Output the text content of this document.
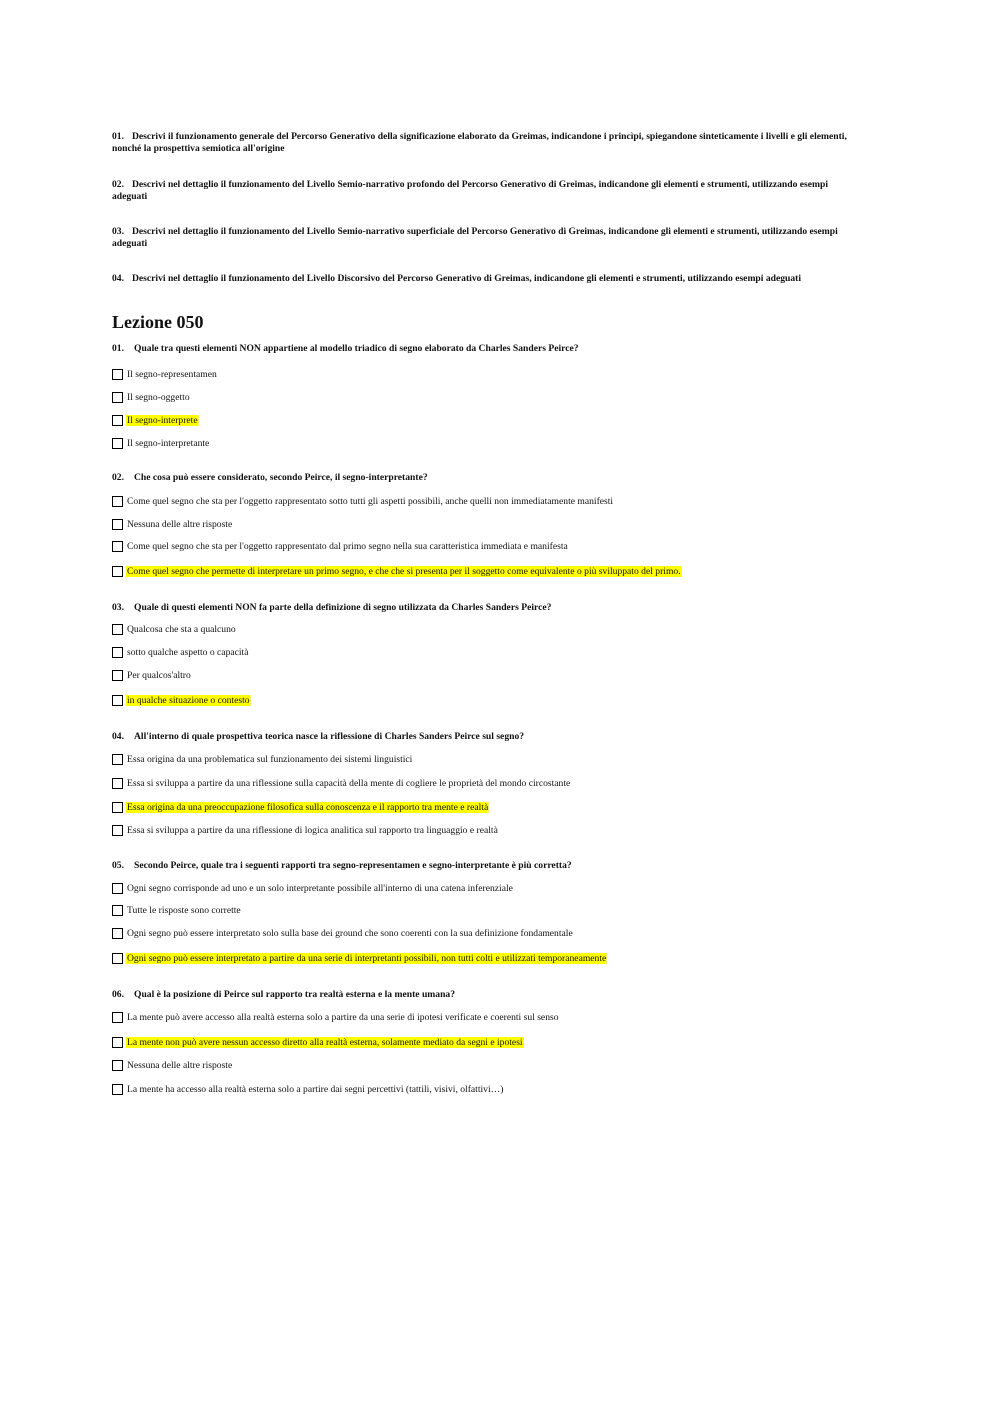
01. Descrivi il funzionamento generale del Percorso Generativo della significazione elaborato da Greimas, indicandone i princìpi, spiegandone sinteticamente i livelli e gli elementi, nonché la prospettiva semiotica all'origine
02. Descrivi nel dettaglio il funzionamento del Livello Semio-narrativo profondo del Percorso Generativo di Greimas, indicandone gli elementi e strumenti, utilizzando esempi adeguati
03. Descrivi nel dettaglio il funzionamento del Livello Semio-narrativo superficiale del Percorso Generativo di Greimas, indicandone gli elementi e strumenti, utilizzando esempi adeguati
04. Descrivi nel dettaglio il funzionamento del Livello Discorsivo del Percorso Generativo di Greimas, indicandone gli elementi e strumenti, utilizzando esempi adeguati
Lezione 050
01. Quale tra questi elementi NON appartiene al modello triadico di segno elaborato da Charles Sanders Peirce?
Il segno-representamen
Il segno-oggetto
Il segno-interprete
Il segno-interpretante
02. Che cosa può essere considerato, secondo Peirce, il segno-interpretante?
Come quel segno che sta per l'oggetto rappresentato sotto tutti gli aspetti possibili, anche quelli non immediatamente manifesti
Nessuna delle altre risposte
Come quel segno che sta per l'oggetto rappresentato dal primo segno nella sua caratteristica immediata e manifesta
Come quel segno che permette di interpretare un primo segno, e che che si presenta per il soggetto come equivalente o più sviluppato del primo.
03. Quale di questi elementi NON fa parte della definizione di segno utilizzata da Charles Sanders Peirce?
Qualcosa che sta a qualcuno
sotto qualche aspetto o capacità
Per qualcos'altro
in qualche situazione o contesto
04. All'interno di quale prospettiva teorica nasce la riflessione di Charles Sanders Peirce sul segno?
Essa origina da una problematica sul funzionamento dei sistemi linguistici
Essa si sviluppa a partire da una riflessione sulla capacità della mente di cogliere le proprietà del mondo circostante
Essa origina da una preoccupazione filosofica sulla conoscenza e il rapporto tra mente e realtà
Essa si sviluppa a partire da una riflessione di logica analitica sul rapporto tra linguaggio e realtà
05. Secondo Peirce, quale tra i seguenti rapporti tra segno-representamen e segno-interpretante è più corretta?
Ogni segno corrisponde ad uno e un solo interpretante possibile all'interno di una catena inferenziale
Tutte le risposte sono corrette
Ogni segno può essere interpretato solo sulla base dei ground che sono coerenti con la sua definizione fondamentale
Ogni segno può essere interpretato a partire da una serie di interpretanti possibili, non tutti colti e utilizzati temporaneamente
06. Qual è la posizione di Peirce sul rapporto tra realtà esterna e la mente umana?
La mente può avere accesso alla realtà esterna solo a partire da una serie di ipotesi verificate e coerenti sul senso
La mente non può avere nessun accesso diretto alla realtà esterna, solamente mediato da segni e ipotesi
Nessuna delle altre risposte
La mente ha accesso alla realtà esterna solo a partire dai segni percettivi (tattili, visivi, olfattivi…)
